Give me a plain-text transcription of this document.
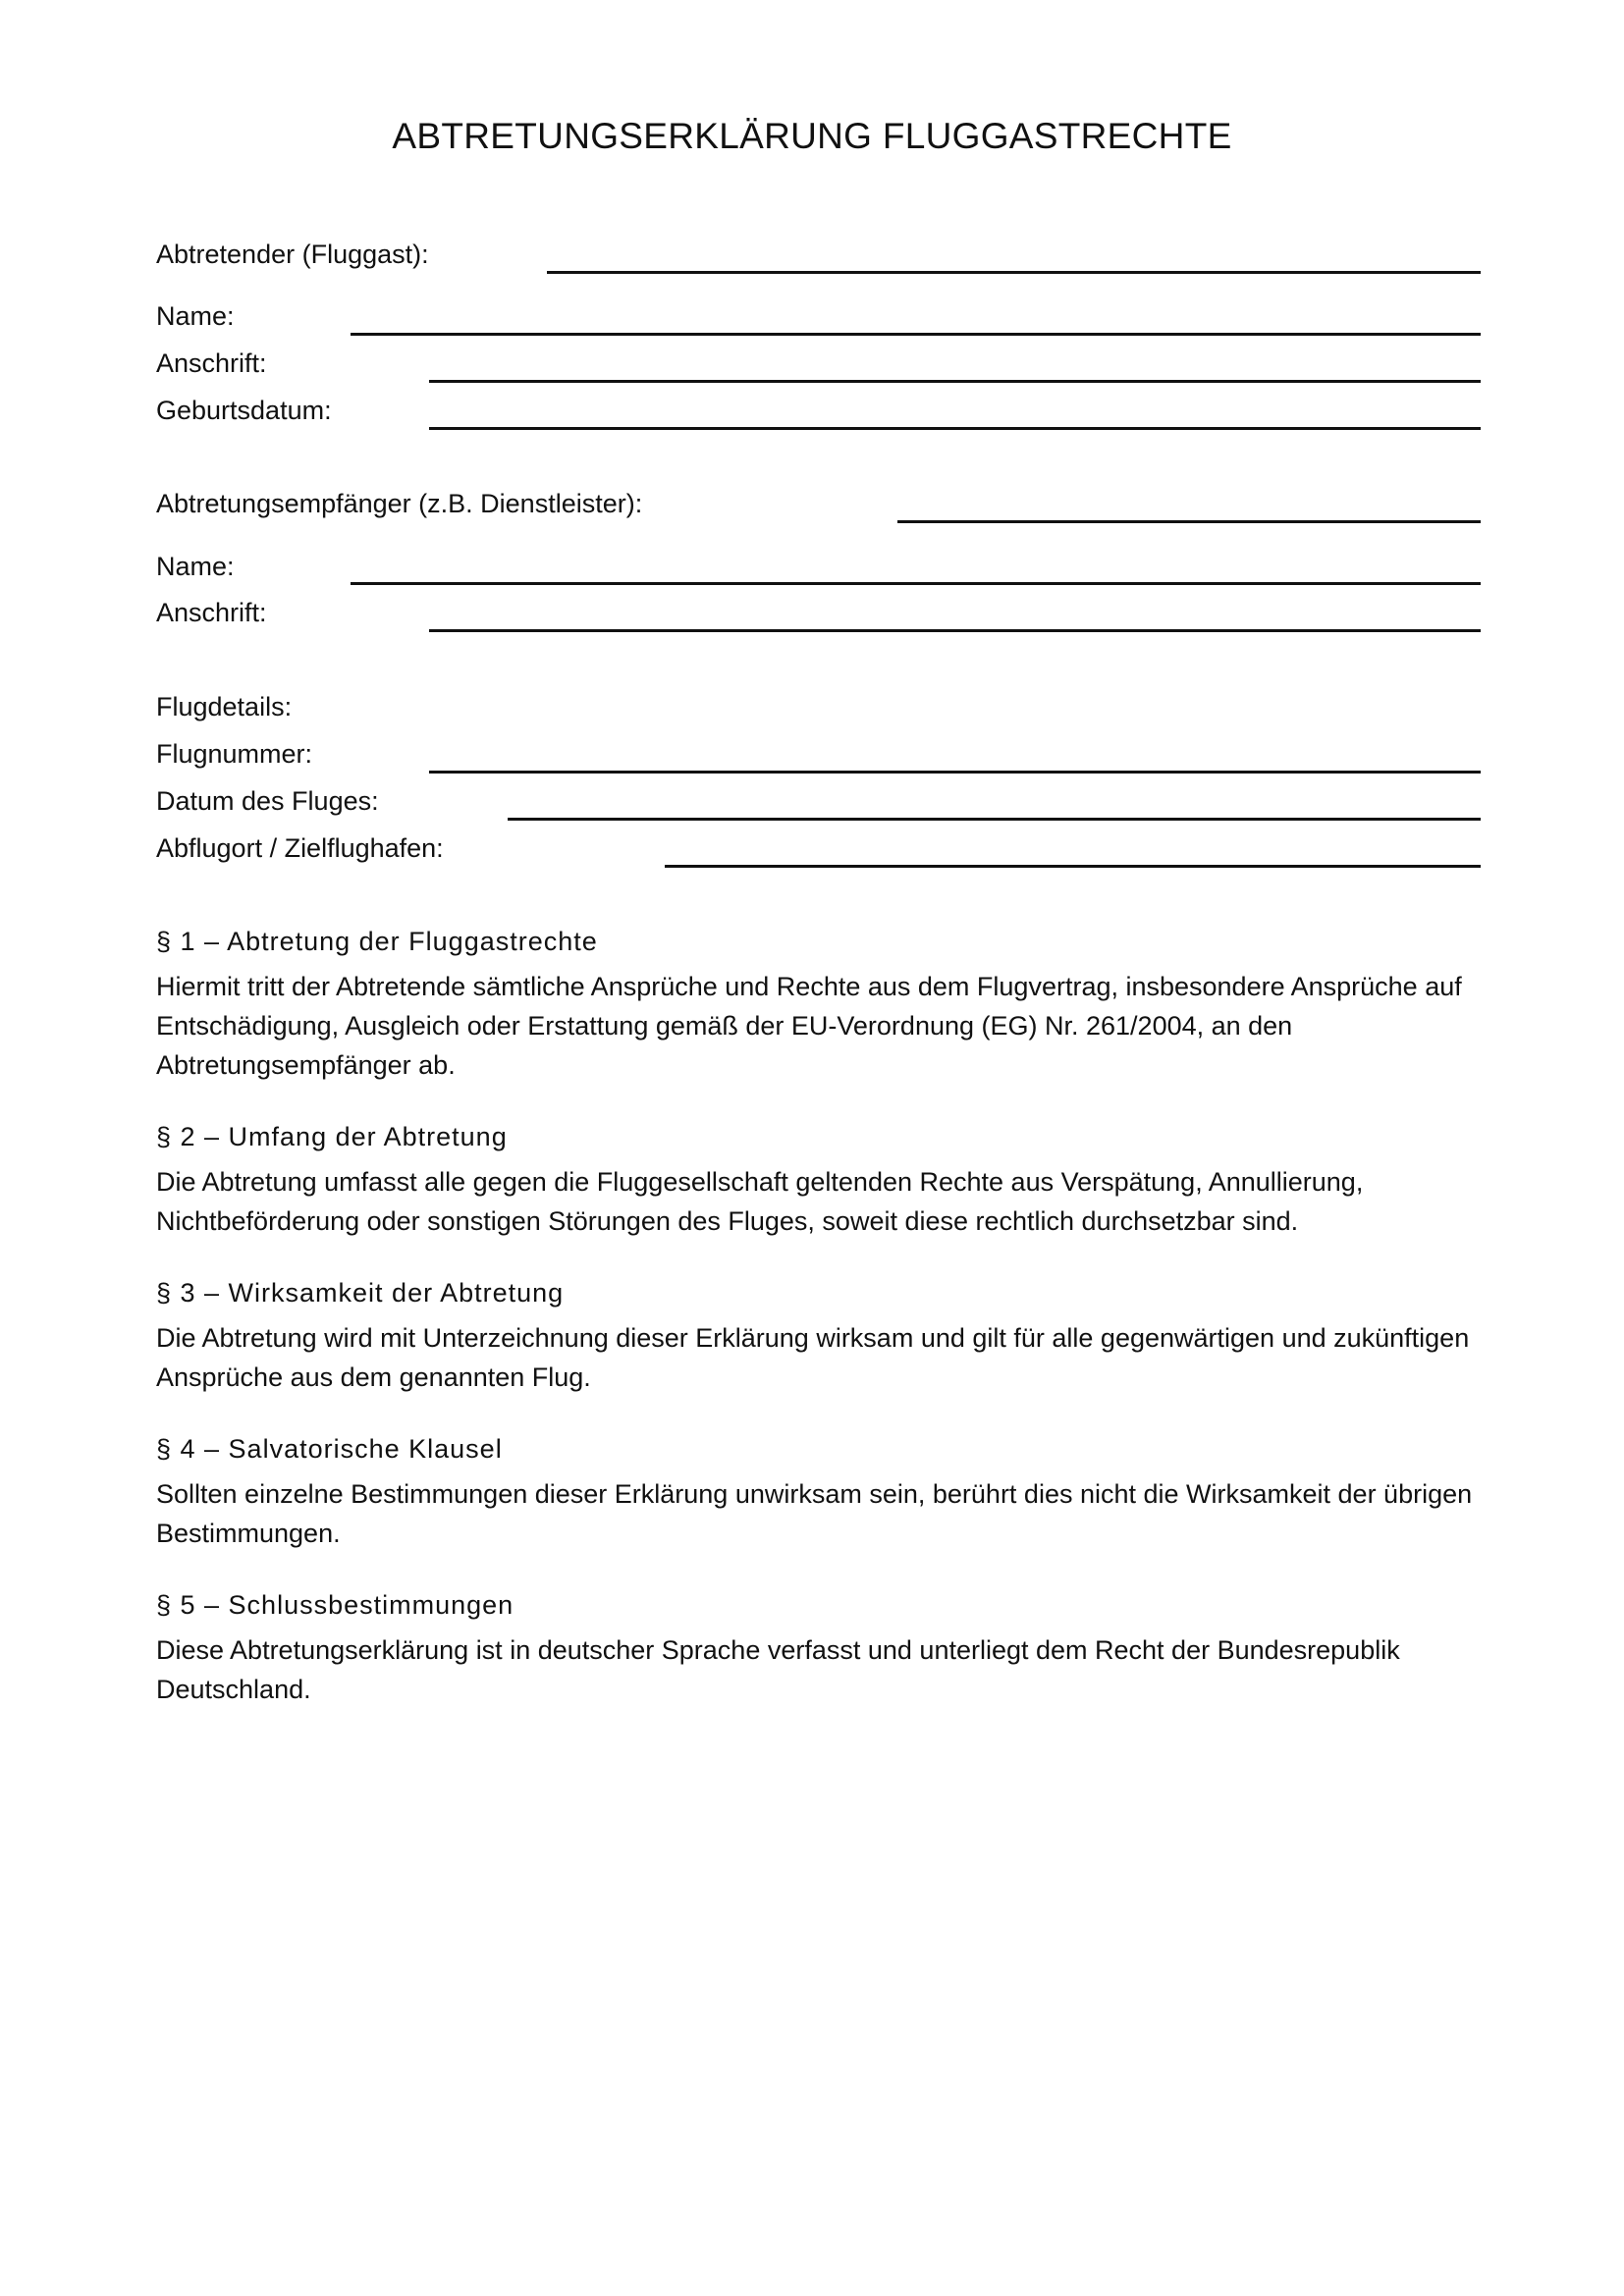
ABTRETUNGSERKLÄRUNG FLUGGASTRECHTE
Abtretender (Fluggast):
Name:
Anschrift:
Geburtsdatum:
Abtretungsempfänger (z.B. Dienstleister):
Name:
Anschrift:
Flugdetails:
Flugnummer:
Datum des Fluges:
Abflugort / Zielflughafen:
§ 1 – Abtretung der Fluggastrechte

Hiermit tritt der Abtretende sämtliche Ansprüche und Rechte aus dem Flugvertrag, insbesondere Ansprüche auf Entschädigung, Ausgleich oder Erstattung gemäß der EU-Verordnung (EG) Nr. 261/2004, an den Abtretungsempfänger ab.

§ 2 – Umfang der Abtretung

Die Abtretung umfasst alle gegen die Fluggesellschaft geltenden Rechte aus Verspätung, Annullierung, Nichtbeförderung oder sonstigen Störungen des Fluges, soweit diese rechtlich durchsetzbar sind.

§ 3 – Wirksamkeit der Abtretung

Die Abtretung wird mit Unterzeichnung dieser Erklärung wirksam und gilt für alle gegenwärtigen und zukünftigen Ansprüche aus dem genannten Flug.

§ 4 – Salvatorische Klausel

Sollten einzelne Bestimmungen dieser Erklärung unwirksam sein, berührt dies nicht die Wirksamkeit der übrigen Bestimmungen.

§ 5 – Schlussbestimmungen

Diese Abtretungserklärung ist in deutscher Sprache verfasst und unterliegt dem Recht der Bundesrepublik Deutschland.
